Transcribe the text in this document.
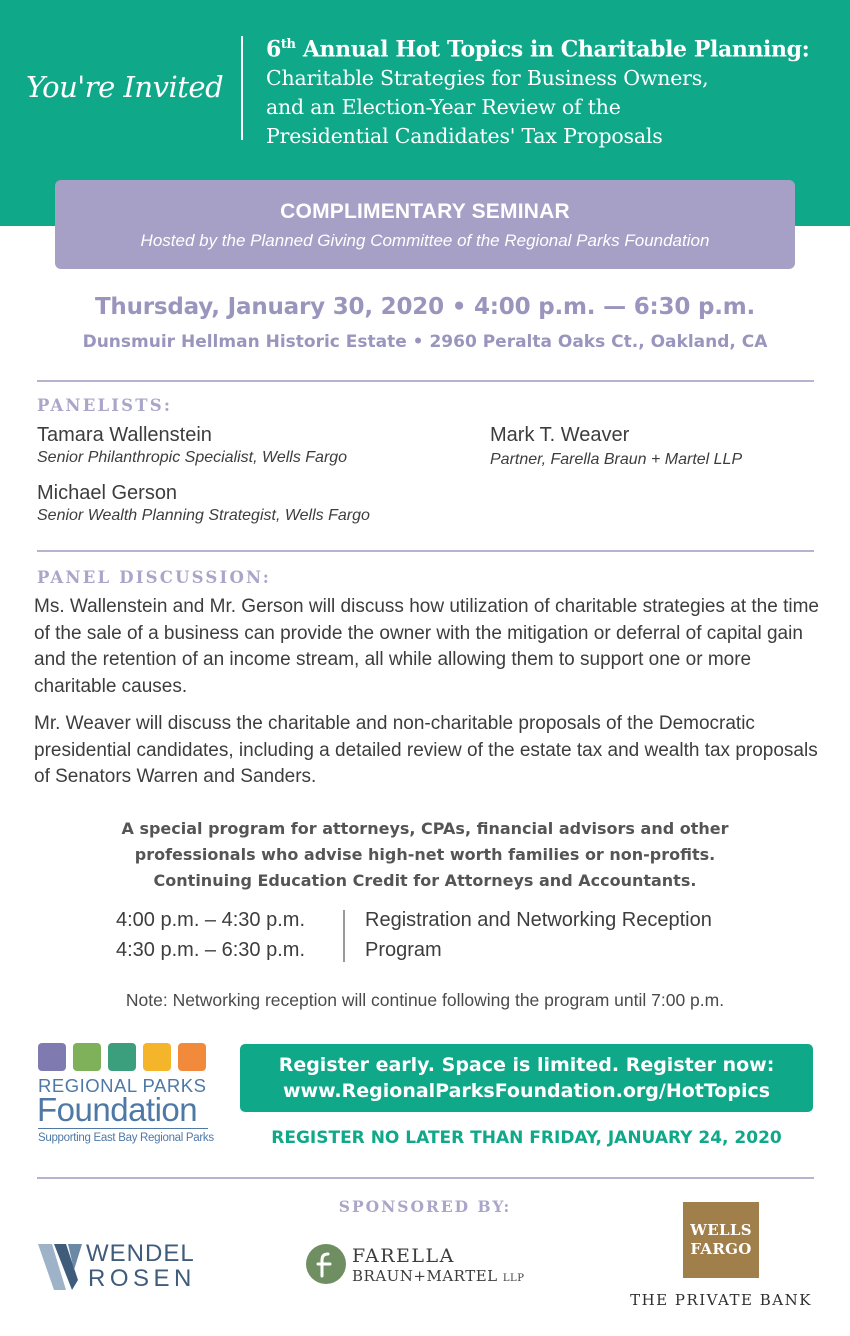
You're Invited
6th Annual Hot Topics in Charitable Planning:
Charitable Strategies for Business Owners,
and an Election-Year Review of the
Presidential Candidates' Tax Proposals
COMPLIMENTARY SEMINAR
Hosted by the Planned Giving Committee of the Regional Parks Foundation
Thursday, January 30, 2020 • 4:00 p.m. — 6:30 p.m.
Dunsmuir Hellman Historic Estate • 2960 Peralta Oaks Ct., Oakland, CA
PANELISTS:
Tamara Wallenstein
Senior Philanthropic Specialist, Wells Fargo
Mark T. Weaver
Partner, Farella Braun + Martel LLP
Michael Gerson
Senior Wealth Planning Strategist, Wells Fargo
PANEL DISCUSSION:
Ms. Wallenstein and Mr. Gerson will discuss how utilization of charitable strategies at the time of the sale of a business can provide the owner with the mitigation or deferral of capital gain and the retention of an income stream, all while allowing them to support one or more charitable causes.
Mr. Weaver will discuss the charitable and non-charitable proposals of the Democratic presidential candidates, including a detailed review of the estate tax and wealth tax proposals of Senators Warren and Sanders.
A special program for attorneys, CPAs, financial advisors and other
professionals who advise high-net worth families or non-profits.
Continuing Education Credit for Attorneys and Accountants.
4:00 p.m. – 4:30 p.m.	Registration and Networking Reception
4:30 p.m. – 6:30 p.m.	Program
Note: Networking reception will continue following the program until 7:00 p.m.
REGIONAL PARKS
Foundation
Supporting East Bay Regional Parks
Register early. Space is limited. Register now:
www.RegionalParksFoundation.org/HotTopics
REGISTER NO LATER THAN FRIDAY, JANUARY 24, 2020
SPONSORED BY:
WENDEL
ROSEN
FARELLA
BRAUN+MARTEL LLP
WELLS
FARGO
THE PRIVATE BANK
